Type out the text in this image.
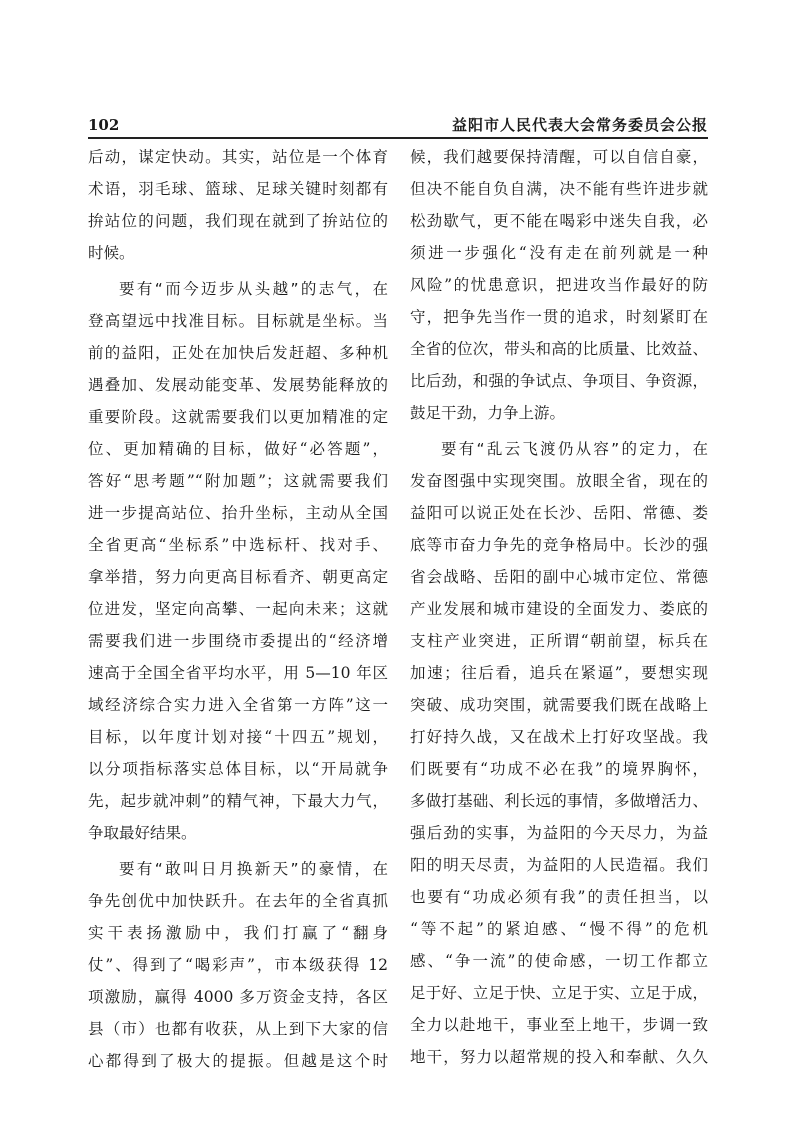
102	益阳市人民代表大会常务委员会公报
后动，谋定快动。其实，站位是一个体育
术语，羽毛球、篮球、足球关键时刻都有
拚站位的问题，我们现在就到了拚站位的
时候。
要有“而今迈步从头越”的志气，在
登高望远中找准目标。目标就是坐标。当
前的益阳，正处在加快后发赶超、多种机
遇叠加、发展动能变革、发展势能释放的
重要阶段。这就需要我们以更加精准的定
位、更加精确的目标，做好“必答题”，
答好“思考题”“附加题”；这就需要我们
进一步提高站位、抬升坐标，主动从全国
全省更高“坐标系”中选标杆、找对手、
拿举措，努力向更高目标看齐、朝更高定
位进发，坚定向高攀、一起向未来；这就
需要我们进一步围绕市委提出的“经济增
速高于全国全省平均水平，用 5—10 年区
域经济综合实力进入全省第一方阵”这一
目标，以年度计划对接“十四五”规划，
以分项指标落实总体目标，以“开局就争
先，起步就冲刺”的精气神，下最大力气，
争取最好结果。
要有“敢叫日月换新天”的豪情，在
争先创优中加快跃升。在去年的全省真抓
实干表扬激励中，我们打赢了“翻身
仗”、得到了“喝彩声”，市本级获得 12
项激励，赢得 4000 多万资金支持，各区
县（市）也都有收获，从上到下大家的信
心都得到了极大的提振。但越是这个时
候，我们越要保持清醒，可以自信自豪，
但决不能自负自满，决不能有些许进步就
松劲歇气，更不能在喝彩中迷失自我，必
须进一步强化“没有走在前列就是一种
风险”的忧患意识，把进攻当作最好的防
守，把争先当作一贯的追求，时刻紧盯在
全省的位次，带头和高的比质量、比效益、
比后劲，和强的争试点、争项目、争资源，
鼓足干劲，力争上游。
要有“乱云飞渡仍从容”的定力，在
发奋图强中实现突围。放眼全省，现在的
益阳可以说正处在长沙、岳阳、常德、娄
底等市奋力争先的竞争格局中。长沙的强
省会战略、岳阳的副中心城市定位、常德
产业发展和城市建设的全面发力、娄底的
支柱产业突进，正所谓“朝前望，标兵在
加速；往后看，追兵在紧逼”，要想实现
突破、成功突围，就需要我们既在战略上
打好持久战，又在战术上打好攻坚战。我
们既要有“功成不必在我”的境界胸怀，
多做打基础、利长远的事情，多做增活力、
强后劲的实事，为益阳的今天尽力，为益
阳的明天尽责，为益阳的人民造福。我们
也要有“功成必须有我”的责任担当，以
“等不起”的紧迫感、“慢不得”的危机
感、“争一流”的使命感，一切工作都立
足于好、立足于快、立足于实、立足于成，
全力以赴地干，事业至上地干，步调一致
地干，努力以超常规的投入和奉献、久久
